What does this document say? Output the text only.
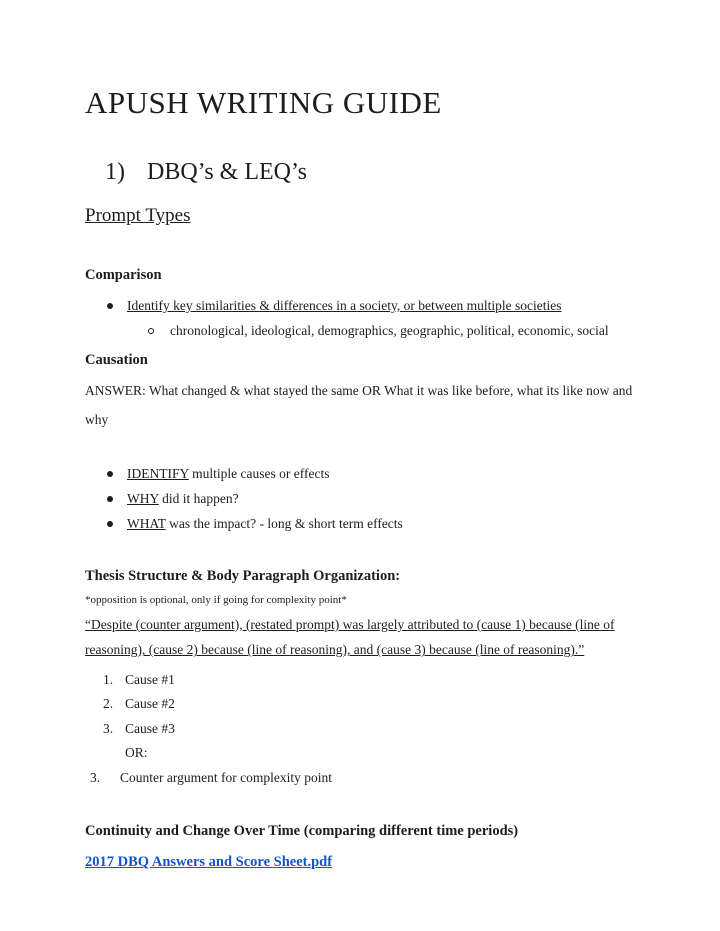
APUSH WRITING GUIDE
1) DBQ’s & LEQ’s
Prompt Types
Comparison
Identify key similarities & differences in a society, or between multiple societies
chronological, ideological, demographics, geographic, political, economic, social
Causation
ANSWER: What changed & what stayed the same OR What it was like before, what its like now and why
IDENTIFY multiple causes or effects
WHY did it happen?
WHAT was the impact? - long & short term effects
Thesis Structure & Body Paragraph Organization:
*opposition is optional, only if going for complexity point*
“Despite (counter argument), (restated prompt) was largely attributed to (cause 1) because (line of reasoning), (cause 2) because (line of reasoning), and (cause 3) because (line of reasoning).”
1. Cause #1
2. Cause #2
3. Cause #3
OR:
3.	Counter argument for complexity point
Continuity and Change Over Time (comparing different time periods)
2017 DBQ Answers and Score Sheet.pdf
